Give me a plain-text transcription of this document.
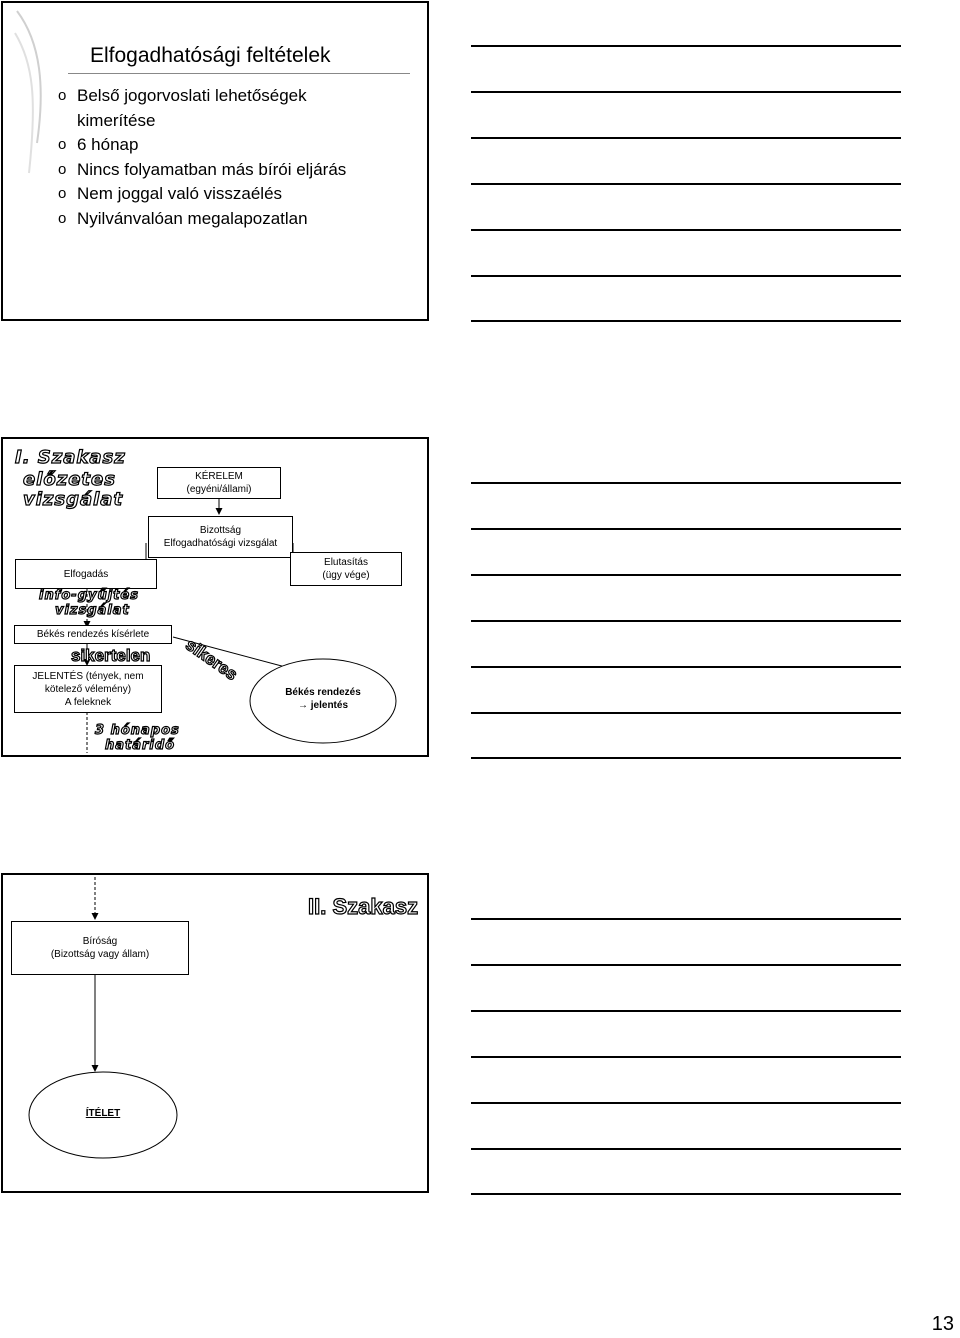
Elfogadhatósági feltételek
o Belső jogorvoslati lehetőségek
kimerítése
o 6 hónap
o Nincs folyamatban más bírói eljárás
o Nem joggal való visszaélés
o Nyilvánvalóan megalapozatlan
I. Szakasz
előzetes
vizsgálat
KÉRELEM
(egyéni/állami)
Bizottság
Elfogadhatósági vizsgálat
Elfogadás
Elutasítás
(ügy vége)
info-gyűjtés
vizsgálat
Békés rendezés kísérlete
sikertelen sikeres
JELENTÉS (tények, nem
kötelező vélemény)
A feleknek
Békés rendezés
→ jelentés
3 hónapos
határidő
II. Szakasz
Bíróság
(Bizottság vagy állam)
ÍTÉLET
13
